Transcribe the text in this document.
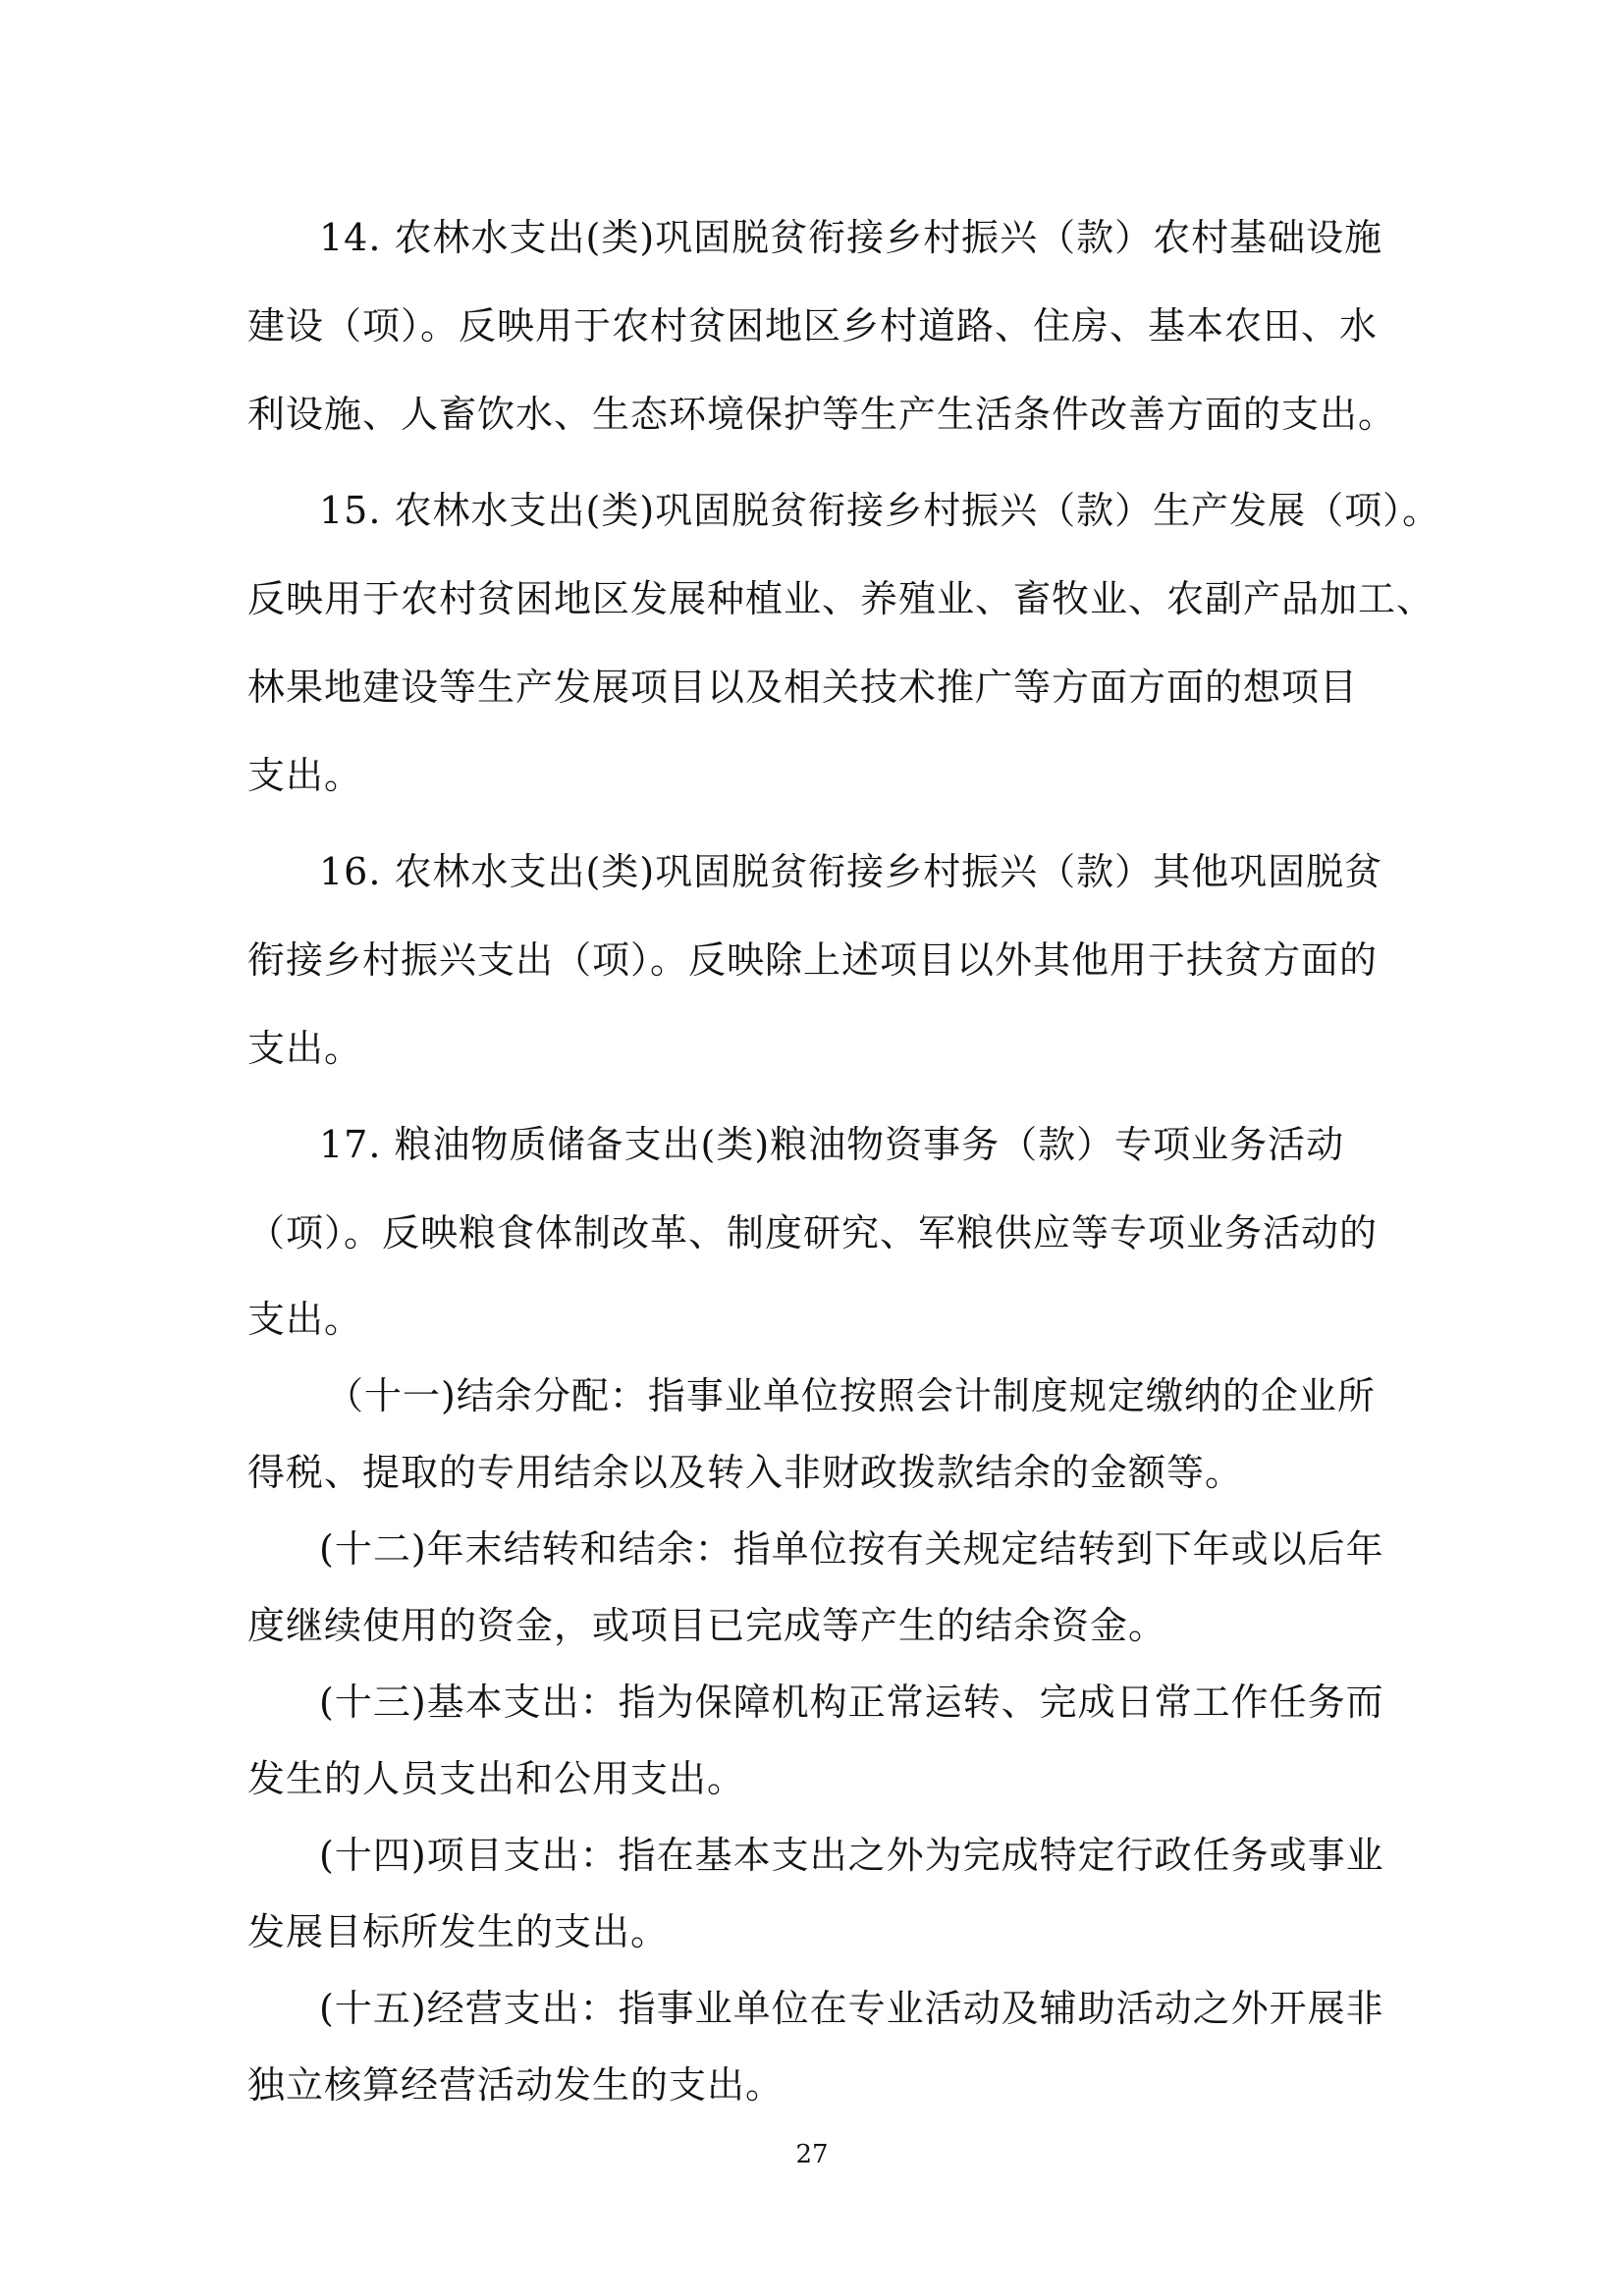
14. 农林水支出(类)巩固脱贫衔接乡村振兴（款）农村基础设施
建设（项）。反映用于农村贫困地区乡村道路、住房、基本农田、水
利设施、人畜饮水、生态环境保护等生产生活条件改善方面的支出。
15. 农林水支出(类)巩固脱贫衔接乡村振兴（款）生产发展（项）。
反映用于农村贫困地区发展种植业、养殖业、畜牧业、农副产品加工、
林果地建设等生产发展项目以及相关技术推广等方面方面的想项目
支出。
16. 农林水支出(类)巩固脱贫衔接乡村振兴（款）其他巩固脱贫
衔接乡村振兴支出（项）。反映除上述项目以外其他用于扶贫方面的
支出。
17. 粮油物质储备支出(类)粮油物资事务（款）专项业务活动
（项）。反映粮食体制改革、制度研究、军粮供应等专项业务活动的
支出。
（十一)结余分配：指事业单位按照会计制度规定缴纳的企业所
得税、提取的专用结余以及转入非财政拨款结余的金额等。
(十二)年末结转和结余：指单位按有关规定结转到下年或以后年
度继续使用的资金，或项目已完成等产生的结余资金。
(十三)基本支出：指为保障机构正常运转、完成日常工作任务而
发生的人员支出和公用支出。
(十四)项目支出：指在基本支出之外为完成特定行政任务或事业
发展目标所发生的支出。
(十五)经营支出：指事业单位在专业活动及辅助活动之外开展非
独立核算经营活动发生的支出。
27
